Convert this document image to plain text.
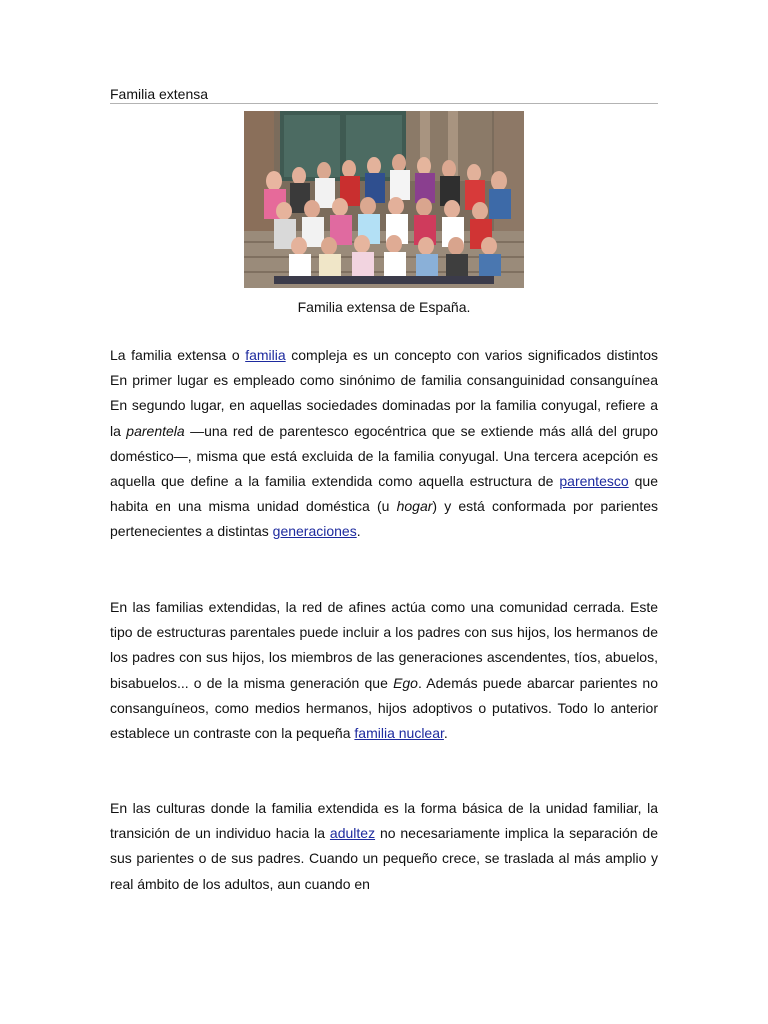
Familia extensa
Familia extensa de España.

La familia extensa o familia compleja es un concepto con varios significados distintos En primer lugar es empleado como sinónimo de familia consanguinidad consanguínea En segundo lugar, en aquellas sociedades dominadas por la familia conyugal, refiere a la parentela —una red de parentesco egocéntrica que se extiende más allá del grupo doméstico—, misma que está excluida de la familia conyugal. Una tercera acepción es aquella que define a la familia extendida como aquella estructura de parentesco que habita en una misma unidad doméstica (u hogar) y está conformada por parientes pertenecientes a distintas generaciones.

En las familias extendidas, la red de afines actúa como una comunidad cerrada. Este tipo de estructuras parentales puede incluir a los padres con sus hijos, los hermanos de los padres con sus hijos, los miembros de las generaciones ascendentes, tíos, abuelos, bisabuelos... o de la misma generación que Ego. Además puede abarcar parientes no consanguíneos, como medios hermanos, hijos adoptivos o putativos. Todo lo anterior establece un contraste con la pequeña familia nuclear.

En las culturas donde la familia extendida es la forma básica de la unidad familiar, la transición de un individuo hacia la adultez no necesariamente implica la separación de sus parientes o de sus padres. Cuando un pequeño crece, se traslada al más amplio y real ámbito de los adultos, aun cuando en
